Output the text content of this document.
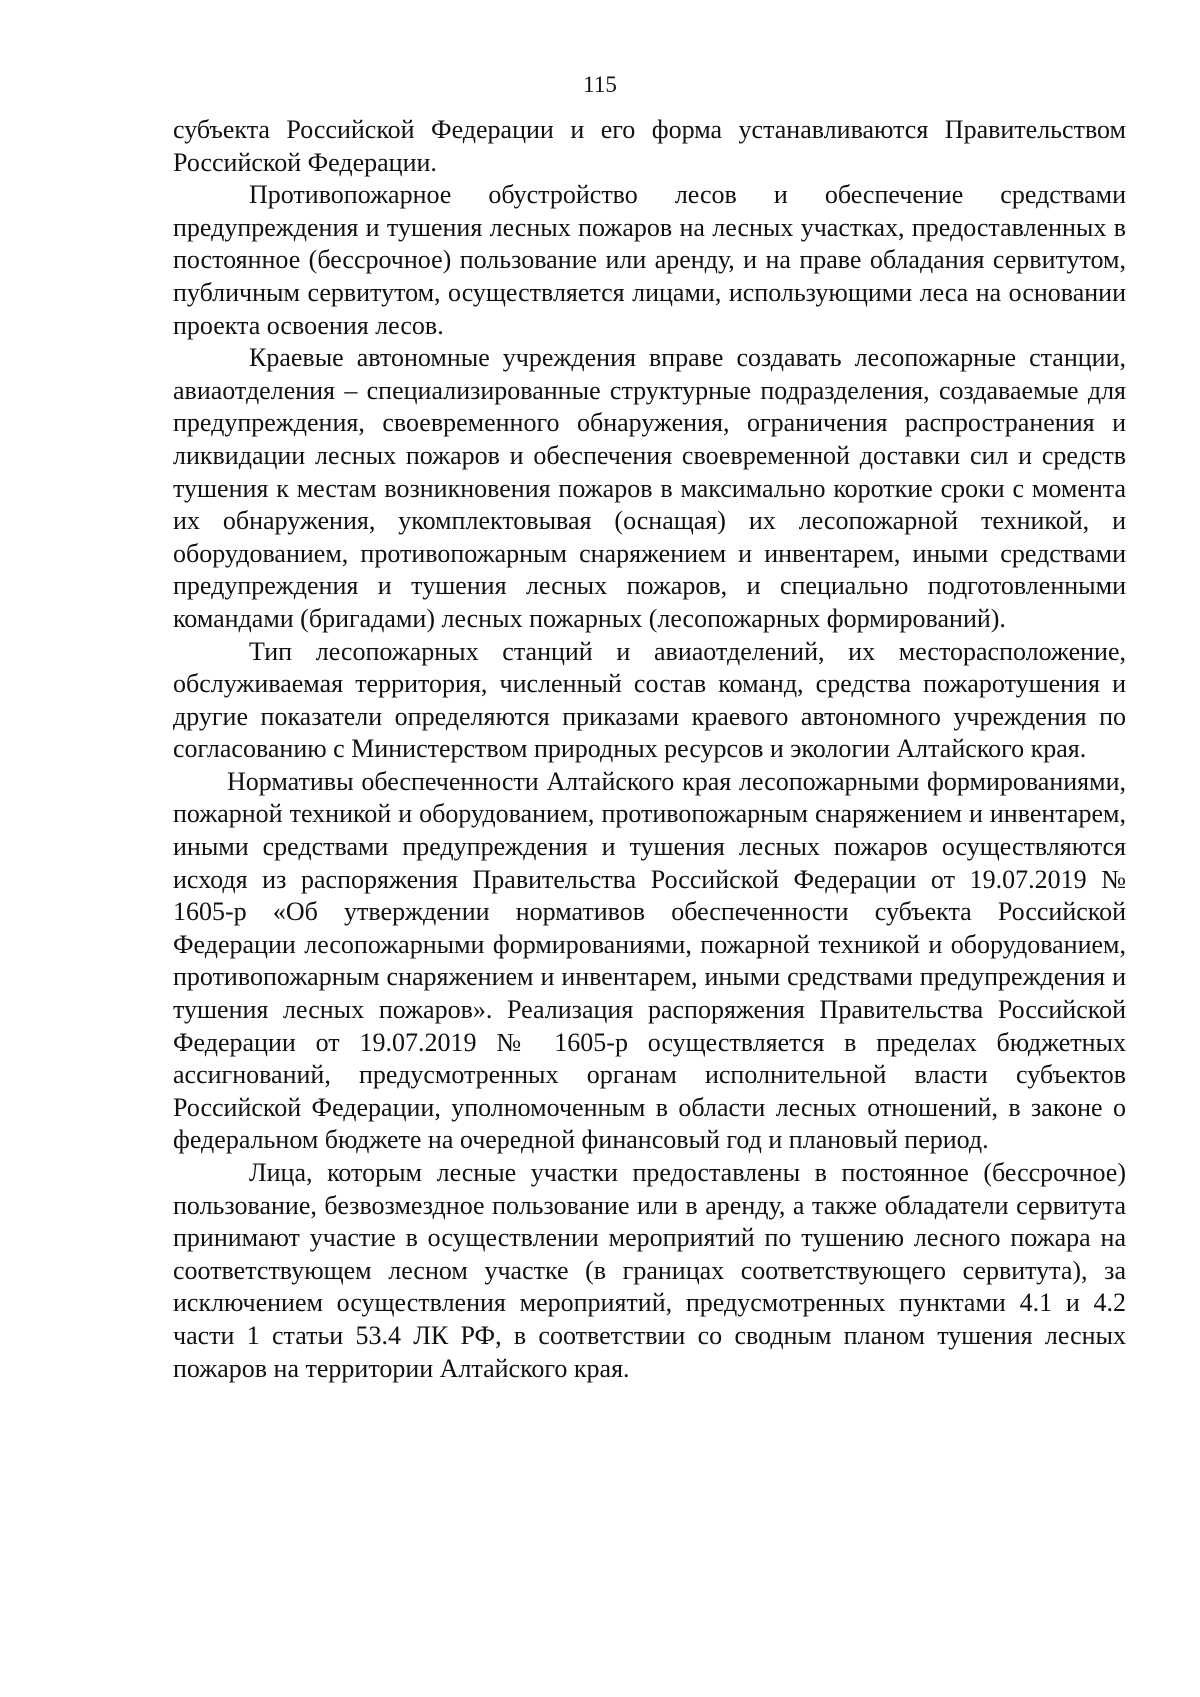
115

субъекта Российской Федерации и его форма устанавливаются Правительством Российской Федерации.

Противопожарное обустройство лесов и обеспечение средствами предупреждения и тушения лесных пожаров на лесных участках, предоставленных в постоянное (бессрочное) пользование или аренду, и на праве обладания сервитутом, публичным сервитутом, осуществляется лицами, использующими леса на основании проекта освоения лесов.

Краевые автономные учреждения вправе создавать лесопожарные станции, авиаотделения – специализированные структурные подразделения, создаваемые для предупреждения, своевременного обнаружения, ограничения распространения и ликвидации лесных пожаров и обеспечения своевременной доставки сил и средств тушения к местам возникновения пожаров в максимально короткие сроки с момента их обнаружения, укомплектовывая (оснащая) их лесопожарной техникой, и оборудованием, противопожарным снаряжением и инвентарем, иными средствами предупреждения и тушения лесных пожаров, и специально подготовленными командами (бригадами) лесных пожарных (лесопожарных формирований).

Тип лесопожарных станций и авиаотделений, их месторасположение, обслуживаемая территория, численный состав команд, средства пожаротушения и другие показатели определяются приказами краевого автономного учреждения по согласованию с Министерством природных ресурсов и экологии Алтайского края.

Нормативы обеспеченности Алтайского края лесопожарными формированиями, пожарной техникой и оборудованием, противопожарным снаряжением и инвентарем, иными средствами предупреждения и тушения лесных пожаров осуществляются исходя из распоряжения Правительства Российской Федерации от 19.07.2019 № 1605-р «Об утверждении нормативов обеспеченности субъекта Российской Федерации лесопожарными формированиями, пожарной техникой и оборудованием, противопожарным снаряжением и инвентарем, иными средствами предупреждения и тушения лесных пожаров». Реализация распоряжения Правительства Российской Федерации от 19.07.2019 № 1605-р осуществляется в пределах бюджетных ассигнований, предусмотренных органам исполнительной власти субъектов Российской Федерации, уполномоченным в области лесных отношений, в законе о федеральном бюджете на очередной финансовый год и плановый период.

Лица, которым лесные участки предоставлены в постоянное (бессрочное) пользование, безвозмездное пользование или в аренду, а также обладатели сервитута принимают участие в осуществлении мероприятий по тушению лесного пожара на соответствующем лесном участке (в границах соответствующего сервитута), за исключением осуществления мероприятий, предусмотренных пунктами 4.1 и 4.2 части 1 статьи 53.4 ЛК РФ, в соответствии со сводным планом тушения лесных пожаров на территории Алтайского края.
